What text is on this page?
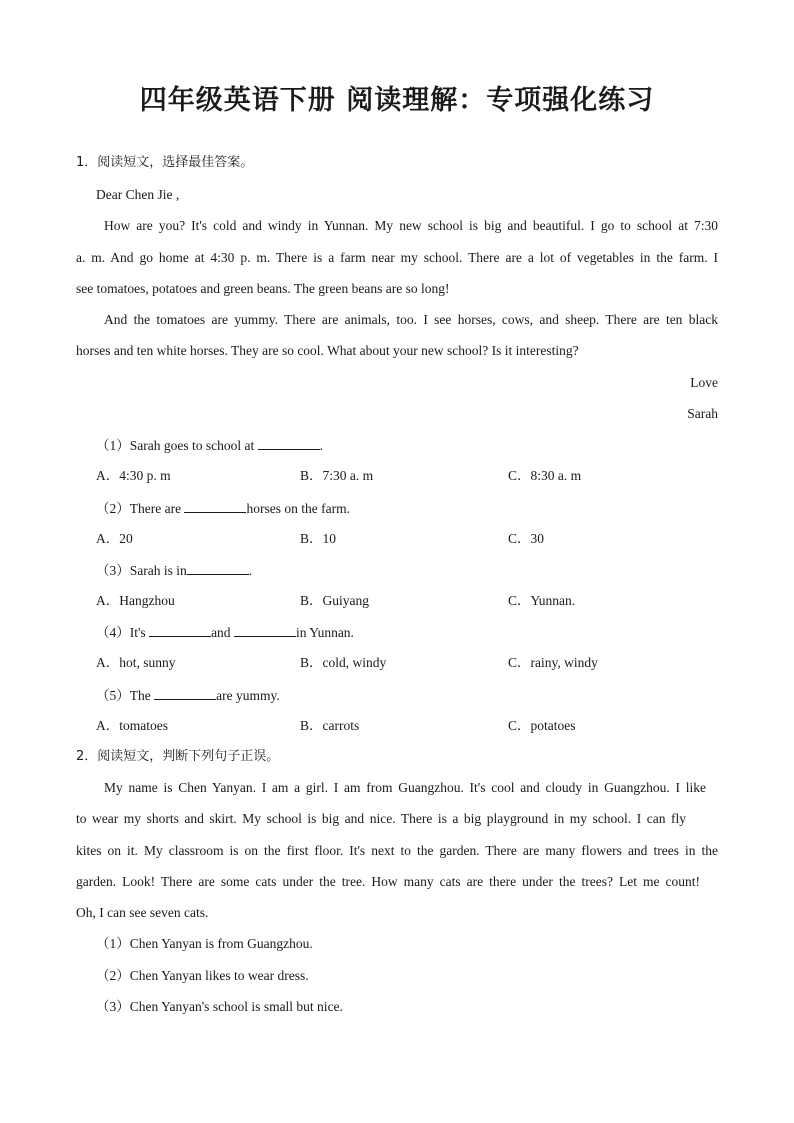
四年级英语下册 阅读理解：专项强化练习
1．阅读短文，选择最佳答案。
Dear Chen Jie ,
How are you? It's cold and windy in Yunnan. My new school is big and beautiful. I go to school at 7:30
a. m. And go home at 4:30 p. m. There is a farm near my school. There are a lot of vegetables in the farm. I
see tomatoes, potatoes and green beans. The green beans are so long!
And the tomatoes are yummy. There are animals, too. I see horses, cows, and sheep. There are ten black
horses and ten white horses. They are so cool. What about your new school? Is it interesting?
Love
Sarah
（1）Sarah goes to school at	.
A．4:30 p. m	B．7:30 a. m	C．8:30 a. m
（2）There are	horses on the farm.
A．20	B．10	C．30
（3）Sarah is in	.
A．Hangzhou	B．Guiyang	C．Yunnan.
（4）It's	and	in Yunnan.
A．hot, sunny	B．cold, windy	C．rainy, windy
（5）The	are yummy.
A．tomatoes	B．carrots	C．potatoes
2．阅读短文，判断下列句子正误。
My name is Chen Yanyan. I am a girl. I am from Guangzhou. It's cool and cloudy in Guangzhou. I like
to wear my shorts and skirt. My school is big and nice. There is a big playground in my school. I can fly
kites on it. My classroom is on the first floor. It's next to the garden. There are many flowers and trees in the
garden. Look! There are some cats under the tree. How many cats are there under the trees? Let me count!
Oh, I can see seven cats.
（1）Chen Yanyan is from Guangzhou.
（2）Chen Yanyan likes to wear dress.
（3）Chen Yanyan's school is small but nice.
